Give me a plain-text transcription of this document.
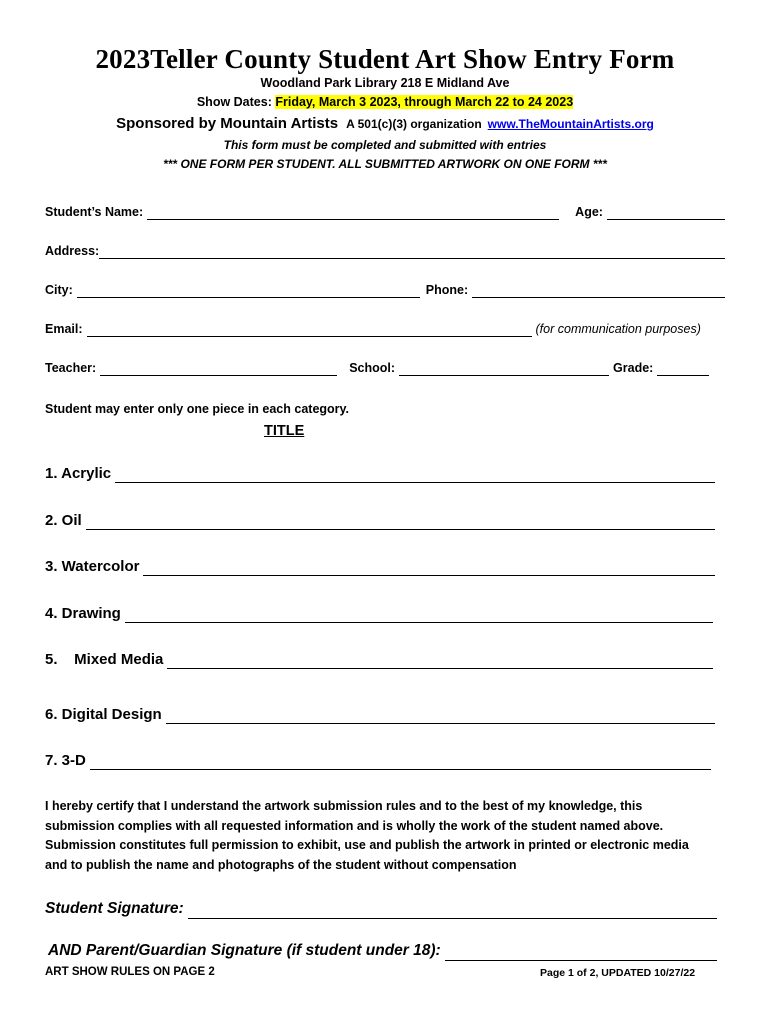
2023Teller County Student Art Show Entry Form
Woodland Park Library 218 E Midland Ave
Show Dates: Friday, March 3 2023, through March 22 to 24 2023
Sponsored by Mountain Artists A 501(c)(3) organization www.TheMountainArtists.org
This form must be completed and submitted with entries
*** ONE FORM PER STUDENT. ALL SUBMITTED ARTWORK ON ONE FORM ***
Student’s Name:	Age:
Address:
City:	Phone:
Email:	(for communication purposes)
Teacher:	School:	Grade:
Student may enter only one piece in each category.
TITLE
1. Acrylic
2. Oil
3. Watercolor
4. Drawing
5.    Mixed Media
6. Digital Design
7. 3-D
I hereby certify that I understand the artwork submission rules and to the best of my knowledge, this
submission complies with all requested information and is wholly the work of the student named above.
Submission constitutes full permission to exhibit, use and publish the artwork in printed or electronic media
and to publish the name and photographs of the student without compensation
Student Signature:
AND Parent/Guardian Signature (if student under 18):
ART SHOW RULES ON PAGE 2	Page 1 of 2, UPDATED 10/27/22
